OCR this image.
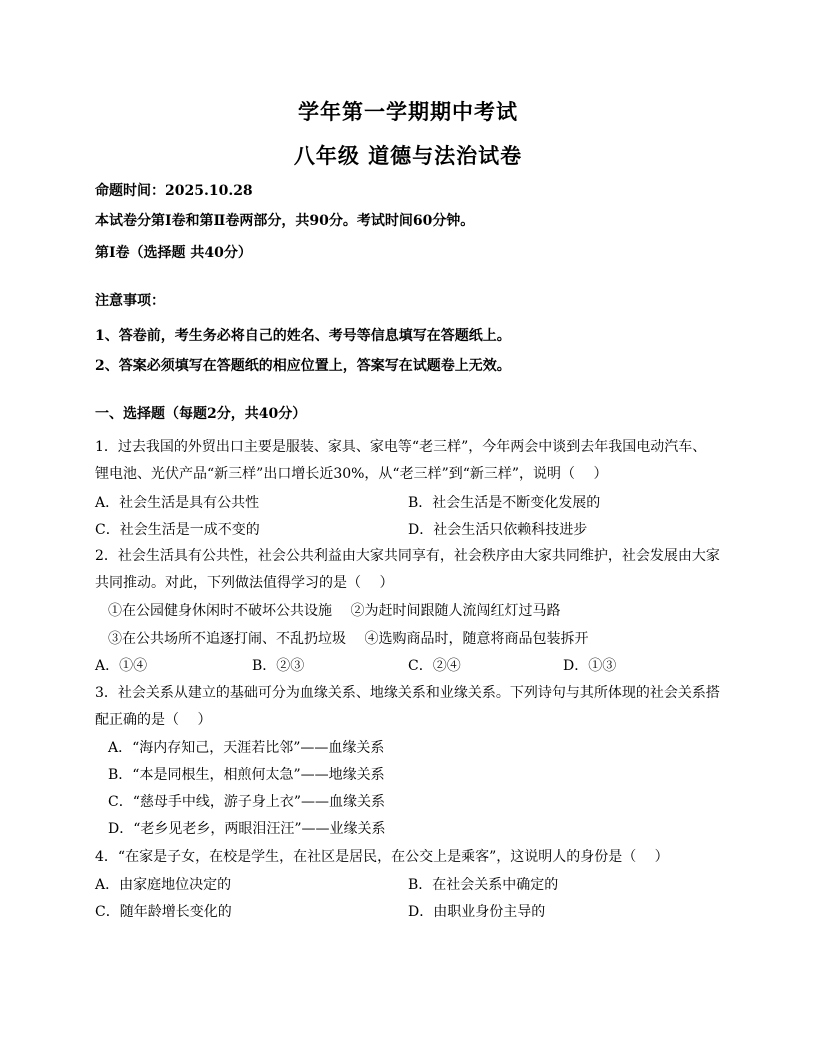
学年第一学期期中考试
八年级 道德与法治试卷
命题时间：2025.10.28
本试卷分第Ⅰ卷和第Ⅱ卷两部分，共90分。考试时间60分钟。
第Ⅰ卷（选择题 共40分）
注意事项：
1、答卷前，考生务必将自己的姓名、考号等信息填写在答题纸上。
2、答案必须填写在答题纸的相应位置上，答案写在试题卷上无效。
一、选择题（每题2分，共40分）
1．过去我国的外贸出口主要是服装、家具、家电等“老三样”，今年两会中谈到去年我国电动汽车、
锂电池、光伏产品“新三样”出口增长近30%，从“老三样”到“新三样”，说明（　 ）
A．社会生活是具有公共性	B．社会生活是不断变化发展的
C．社会生活是一成不变的	D．社会生活只依赖科技进步
2．社会生活具有公共性，社会公共利益由大家共同享有，社会秩序由大家共同维护，社会发展由大家
共同推动。对此，下列做法值得学习的是（　 ）
①在公园健身休闲时不破坏公共设施　 ②为赶时间跟随人流闯红灯过马路
③在公共场所不追逐打闹、不乱扔垃圾　 ④选购商品时，随意将商品包装拆开
A．①④	B．②③	C．②④	D．①③
3．社会关系从建立的基础可分为血缘关系、地缘关系和业缘关系。下列诗句与其所体现的社会关系搭
配正确的是（　 ）
A．“海内存知己，天涯若比邻”——血缘关系
B．“本是同根生，相煎何太急”——地缘关系
C．“慈母手中线，游子身上衣”——血缘关系
D．“老乡见老乡，两眼泪汪汪”——业缘关系
4．“在家是子女，在校是学生，在社区是居民，在公交上是乘客”，这说明人的身份是（　 ）
A．由家庭地位决定的	B．在社会关系中确定的
C．随年龄增长变化的	D．由职业身份主导的
